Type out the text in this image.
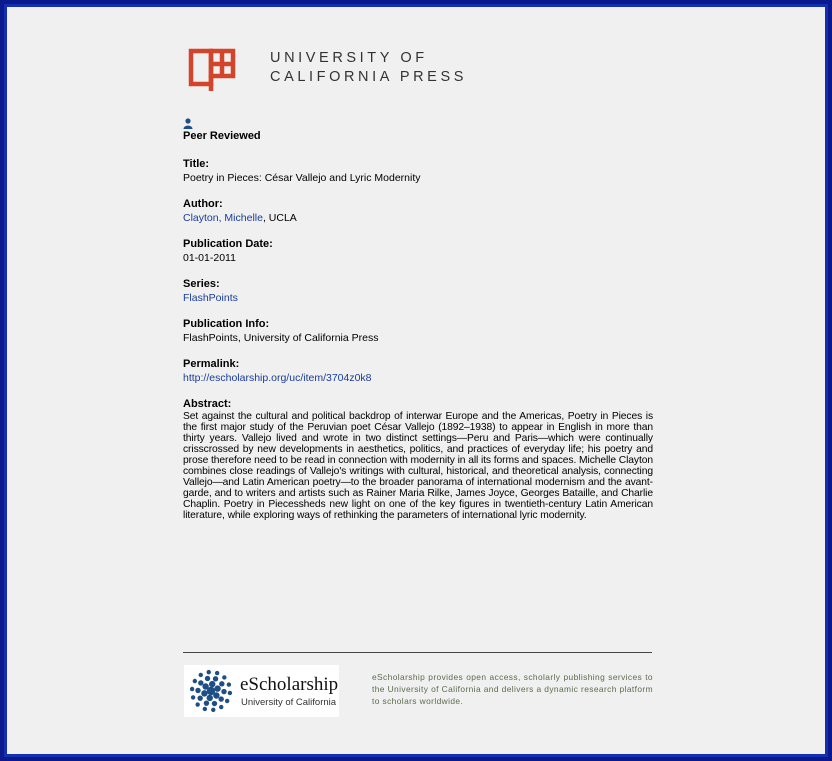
UNIVERSITY OF
CALIFORNIA PRESS
Peer Reviewed
Title:
Poetry in Pieces: César Vallejo and Lyric Modernity
Author:
Clayton, Michelle, UCLA
Publication Date:
01-01-2011
Series:
FlashPoints
Publication Info:
FlashPoints, University of California Press
Permalink:
http://escholarship.org/uc/item/3704z0k8
Abstract:

Set against the cultural and political backdrop of interwar Europe and the Americas, Poetry in Pieces is the first major study of the Peruvian poet César Vallejo (1892–1938) to appear in English in more than thirty years. Vallejo lived and wrote in two distinct settings—Peru and Paris—which were continually crisscrossed by new developments in aesthetics, politics, and practices of everyday life; his poetry and prose therefore need to be read in connection with modernity in all its forms and spaces. Michelle Clayton combines close readings of Vallejo's writings with cultural, historical, and theoretical analysis, connecting Vallejo—and Latin American poetry—to the broader panorama of international modernism and the avant-garde, and to writers and artists such as Rainer Maria Rilke, James Joyce, Georges Bataille, and Charlie Chaplin. Poetry in Piecessheds new light on one of the key figures in twentieth-century Latin American literature, while exploring ways of rethinking the parameters of international lyric modernity.

eScholarship
University of California
eScholarship provides open access, scholarly publishing services to the University of California and delivers a dynamic research platform to scholars worldwide.
